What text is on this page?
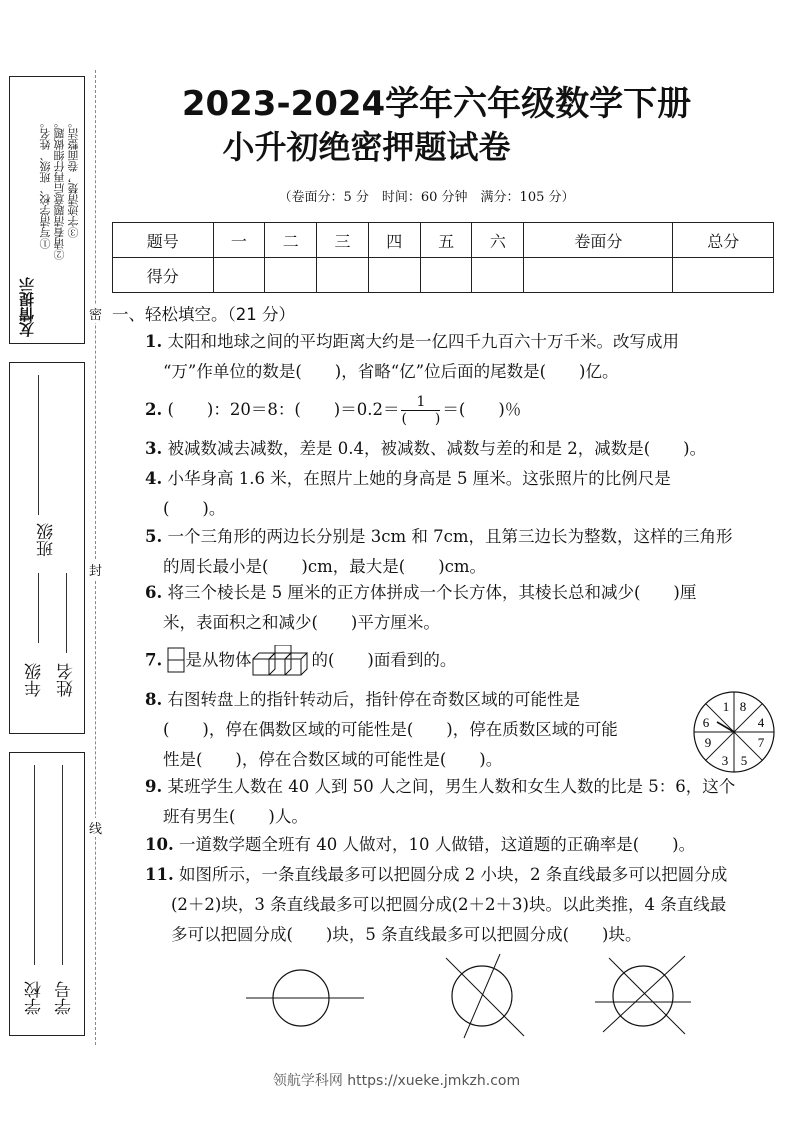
友情提示
①写清学校、班级、姓名。 ②请看清题意后再仔细做题。 ③字迹清楚，卷面整洁。
班级
年级 姓名
学校 学号
密
封
线
2023-2024学年六年级数学下册
小升初绝密押题试卷
（卷面分：5 分　时间：60 分钟　满分：105 分）
题号	一	二	三	四	五	六	卷面分	总分
得分								
一、轻松填空。（21 分）
1. 太阳和地球之间的平均距离大约是一亿四千九百六十万千米。改写成用
“万”作单位的数是(　　)，省略“亿”位后面的尾数是(　　)亿。
2. (　　)：20＝8：(　　)$=0.2= \frac{1}{( )}$ ＝(　　)％
3. 被减数减去减数，差是 0.4，被减数、减数与差的和是 2，减数是(　　)。
4. 小华身高 1.6 米，在照片上她的身高是 5 厘米。这张照片的比例尺是
(　　)。
5. 一个三角形的两边长分别是 3cm 和 7cm，且第三边长为整数，这样的三角形
的周长最小是(　　)cm，最大是(　　)cm。
6. 将三个棱长是 5 厘米的正方体拼成一个长方体，其棱长总和减少(　　)厘
米，表面积之和减少(　　)平方厘米。
7. 是从物体	的(　　)面看到的。
8. 右图转盘上的指针转动后，指针停在奇数区域的可能性是
(　　)，停在偶数区域的可能性是(　　)，停在质数区域的可能
性是(　　)，停在合数区域的可能性是(　　)。
1 8
4
7
5
3
9
6
9. 某班学生人数在 40 人到 50 人之间，男生人数和女生人数的比是 5：6，这个
班有男生(　　)人。
10. 一道数学题全班有 40 人做对，10 人做错，这道题的正确率是(　　)。
11. 如图所示，一条直线最多可以把圆分成 2 小块，2 条直线最多可以把圆分成
(2＋2)块，3 条直线最多可以把圆分成(2＋2＋3)块。以此类推，4 条直线最
多可以把圆分成(　　)块，5 条直线最多可以把圆分成(　　)块。
领航学科网 https://xueke.jmkzh.com
